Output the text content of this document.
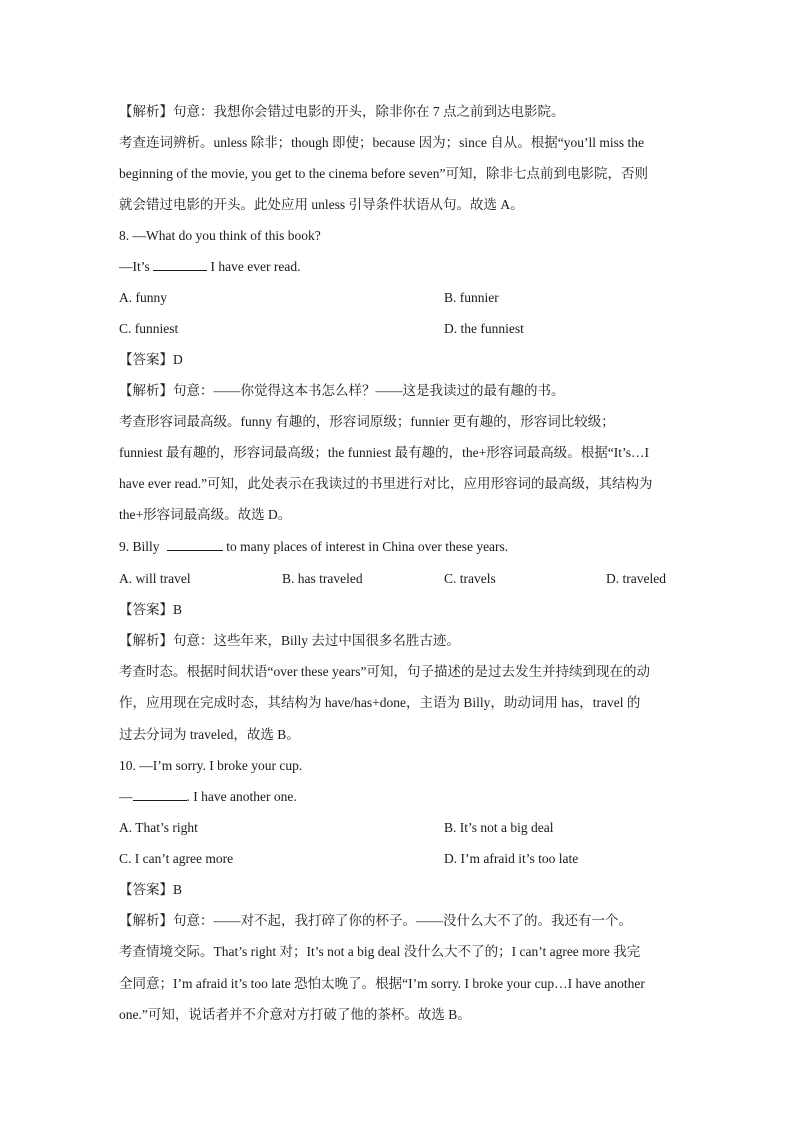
【解析】句意：我想你会错过电影的开头，除非你在 7 点之前到达电影院。
考查连词辨析。unless 除非；though 即使；because 因为；since 自从。根据“you’ll miss the
beginning of the movie, you get to the cinema before seven”可知，除非七点前到电影院，否则
就会错过电影的开头。此处应用 unless 引导条件状语从句。故选 A。
8. —What do you think of this book?
—It’s	I have ever read.
A. funny	B. funnier
C. funniest	D. the funniest
【答案】D
【解析】句意：——你觉得这本书怎么样？——这是我读过的最有趣的书。
考查形容词最高级。funny 有趣的，形容词原级；funnier 更有趣的，形容词比较级；
funniest 最有趣的，形容词最高级；the funniest 最有趣的，the+形容词最高级。根据“It’s…I
have ever read.”可知，此处表示在我读过的书里进行对比，应用形容词的最高级，其结构为
the+形容词最高级。故选 D。
9. Billy	to many places of interest in China over these years.
A. will travel	B. has traveled	C. travels	D. traveled
【答案】B
【解析】句意：这些年来，Billy 去过中国很多名胜古迹。
考查时态。根据时间状语“over these years”可知，句子描述的是过去发生并持续到现在的动
作，应用现在完成时态，其结构为 have/has+done，主语为 Billy，助动词用 has，travel 的
过去分词为 traveled，故选 B。
10. —I’m sorry. I broke your cup.
—	. I have another one.
A. That’s right	B. It’s not a big deal
C. I can’t agree more	D. I’m afraid it’s too late
【答案】B
【解析】句意：——对不起，我打碎了你的杯子。——没什么大不了的。我还有一个。
考查情境交际。That’s right 对；It’s not a big deal 没什么大不了的；I can’t agree more 我完
全同意；I’m afraid it’s too late 恐怕太晚了。根据“I’m sorry. I broke your cup…I have another
one.”可知，说话者并不介意对方打破了他的茶杯。故选 B。
